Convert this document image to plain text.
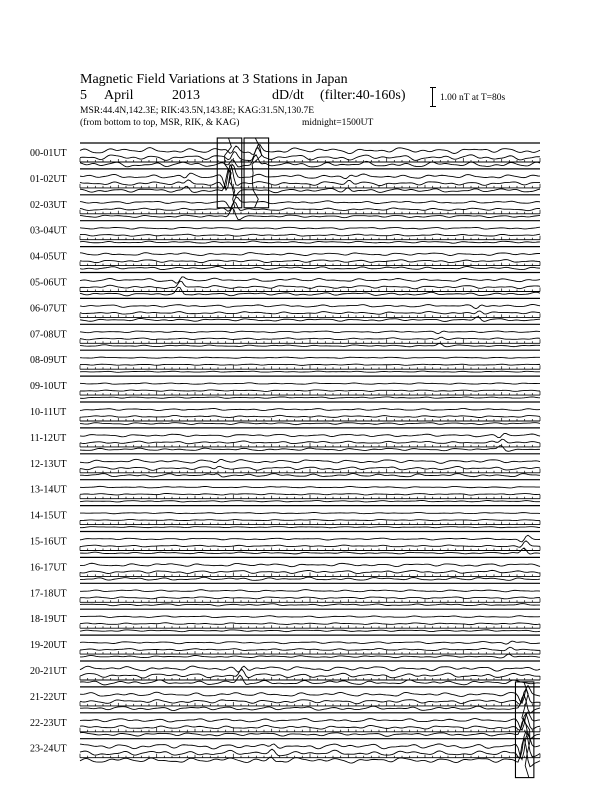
Magnetic Field Variations at 3 Stations in Japan
5 April	2013	dD/dt (filter:40-160s)
MSR:44.4N,142.3E; RIK:43.5N,143.8E; KAG:31.5N,130.7E
(from bottom to top, MSR, RIK, & KAG)	midnight=1500UT
1.00 nT at T=80s
00-01UT
01-02UT
02-03UT
03-04UT
04-05UT
05-06UT
06-07UT
07-08UT
08-09UT
09-10UT
10-11UT
11-12UT
12-13UT
13-14UT
14-15UT
15-16UT
16-17UT
17-18UT
18-19UT
19-20UT
20-21UT
21-22UT
22-23UT
23-24UT
